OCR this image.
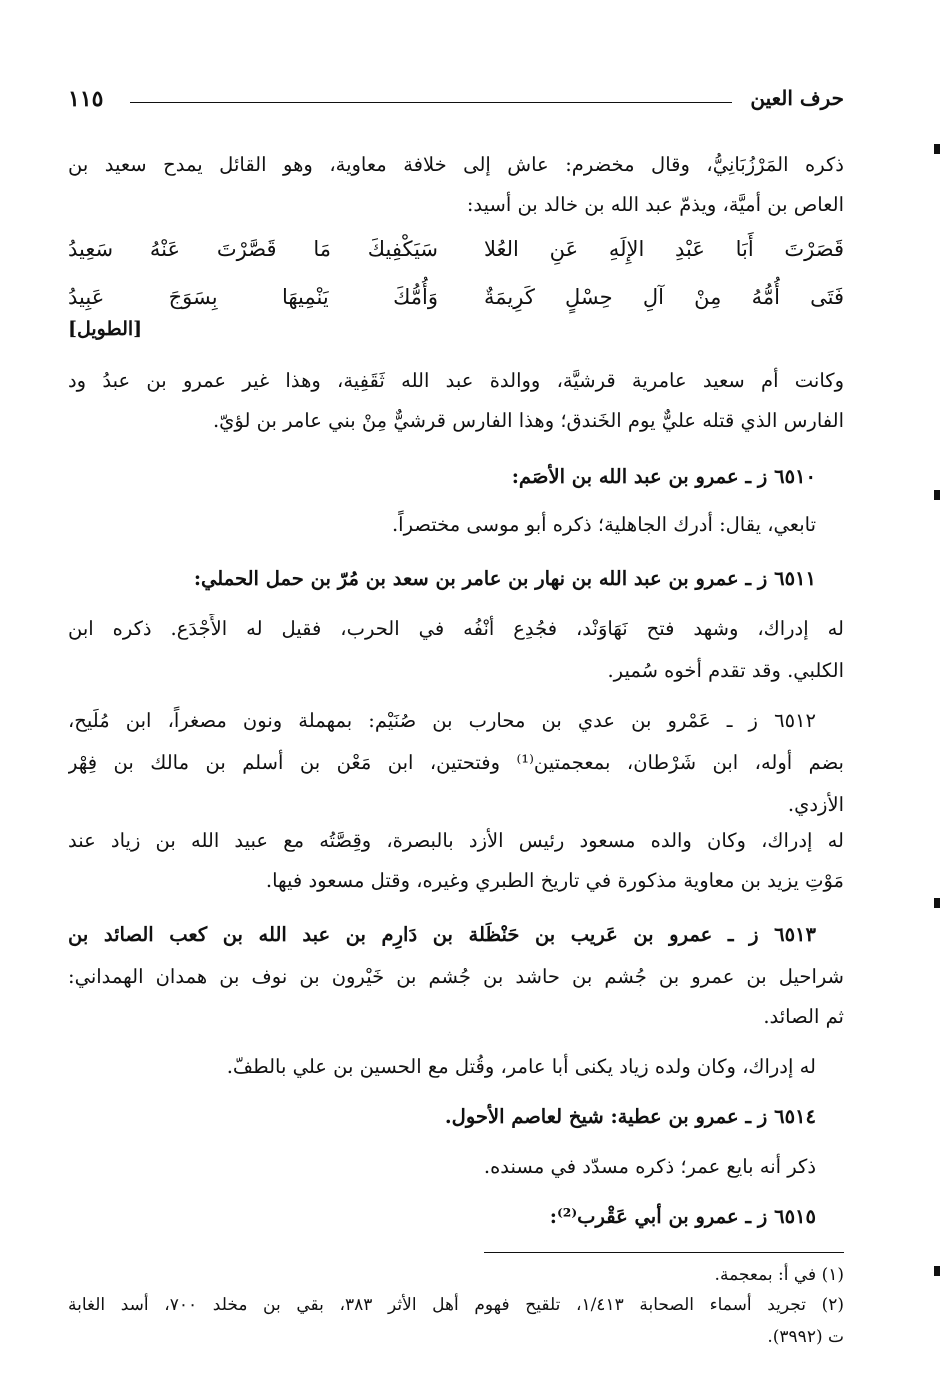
حرف العين
١١٥
ذكره المَرْزُبَانِيُّ، وقال مخضرم: عاش إلى خلافة معاوية، وهو القائل يمدح سعيد بن
العاص بن أميَّة، ويذمّ عبد الله بن خالد بن أسيد:
قَصَرْتَ أَبَا عَبْدِ الإِلَهِ عَنِ العُلا
سَيَكْفِيكَ مَا قَصَّرْتَ عَنْهُ سَعِيدُ
فَتَى أُمُّهُ مِنْ آلِ حِسْلٍ كَرِيمَةٌ
وَأُمُّكَ يَنْمِيهَا بِسَوَجَ عَبِيدُ
[الطويل]
وكانت أم سعيد عامرية قرشيَّة، ووالدة عبد الله ثَقَفِية، وهذا غير عمرو بن عبدُ ود
الفارس الذي قتله عليٌّ يوم الخَندق؛ وهذا الفارس قرشيٌّ مِنْ بني عامر بن لؤيّ.
٦٥١٠ ز ـ عمرو بن عبد الله بن الأصَم:
تابعي، يقال: أدرك الجاهلية؛ ذكره أبو موسى مختصراً.
٦٥١١ ز ـ عمرو بن عبد الله بن نهار بن عامر بن سعد بن مُرّ بن حمل الحملي:
له إدراك، وشهد فتح نَهَاوَنْد، فجُدِع أنْفُه في الحرب، فقيل له الأَجْدَع. ذكره ابن
الكلبي. وقد تقدم أخوه سُمير.
٦٥١٢ ز ـ عَمْرو بن عدي بن محارب بن صُنَيْم: بمهملة ونون مصغراً، ابن مُلَيح،
بضم أوله، ابن شَرْطان، بمعجمتين⁽¹⁾ وفتحتين، ابن مَعْن بن أسلم بن مالك بن فِهْر
الأزدي.
له إدراك، وكان والده مسعود رئيس الأزد بالبصرة، وقِصَّتُه مع عبيد الله بن زياد عند
مَوْتِ يزيد بن معاوية مذكورة في تاريخ الطبري وغيره، وقتل مسعود فيها.
٦٥١٣ ز ـ عمرو بن عَريب بن حَنْظَلة بن دَارِم بن عبد الله بن كعب الصائد بن
شراحيل بن عمرو بن جُشم بن حاشد بن جُشم بن خَيْرون بن نوف بن همدان الهمداني:
ثم الصائد.
له إدراك، وكان ولده زياد يكنى أبا عامر، وقُتل مع الحسين بن علي بالطفّ.
٦٥١٤ ز ـ عمرو بن عطية: شيخ لعاصم الأحول.
ذكر أنه بايع عمر؛ ذكره مسدّد في مسنده.
٦٥١٥ ز ـ عمرو بن أبي عَقْرب⁽²⁾:
(١) في أ: بمعجمة.
(٢) تجريد أسماء الصحابة ١/٤١٣، تلقيح فهوم أهل الأثر ٣٨٣، بقي بن مخلد ٧٠٠، أسد الغابة
ت (٣٩٩٢).
